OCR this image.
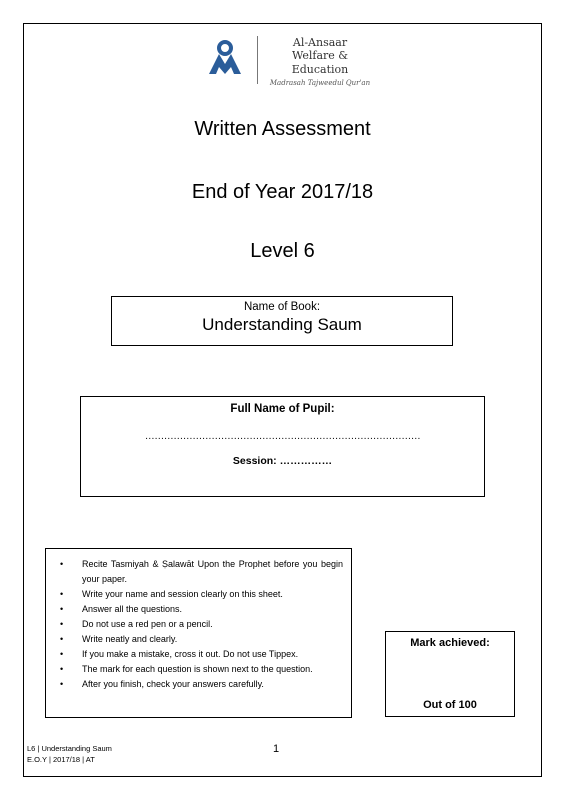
Al-Ansaar
Welfare & Education
Madrasah Tajweedul Qur'an
Written Assessment
End of Year 2017/18
Level 6
Name of Book:
Understanding Saum
Full Name of Pupil:
……………………………………………………………………………
Session: ……………
• Recite Tasmiyah & Ṣalawāt Upon the Prophet before you begin your paper.
• Write your name and session clearly on this sheet.
• Answer all the questions.
• Do not use a red pen or a pencil.
• Write neatly and clearly.
• If you make a mistake, cross it out. Do not use Tippex.
• The mark for each question is shown next to the question.
• After you finish, check your answers carefully.
Mark achieved:
Out of 100
L6 | Understanding Saum
E.O.Y | 2017/18 | AT
1
